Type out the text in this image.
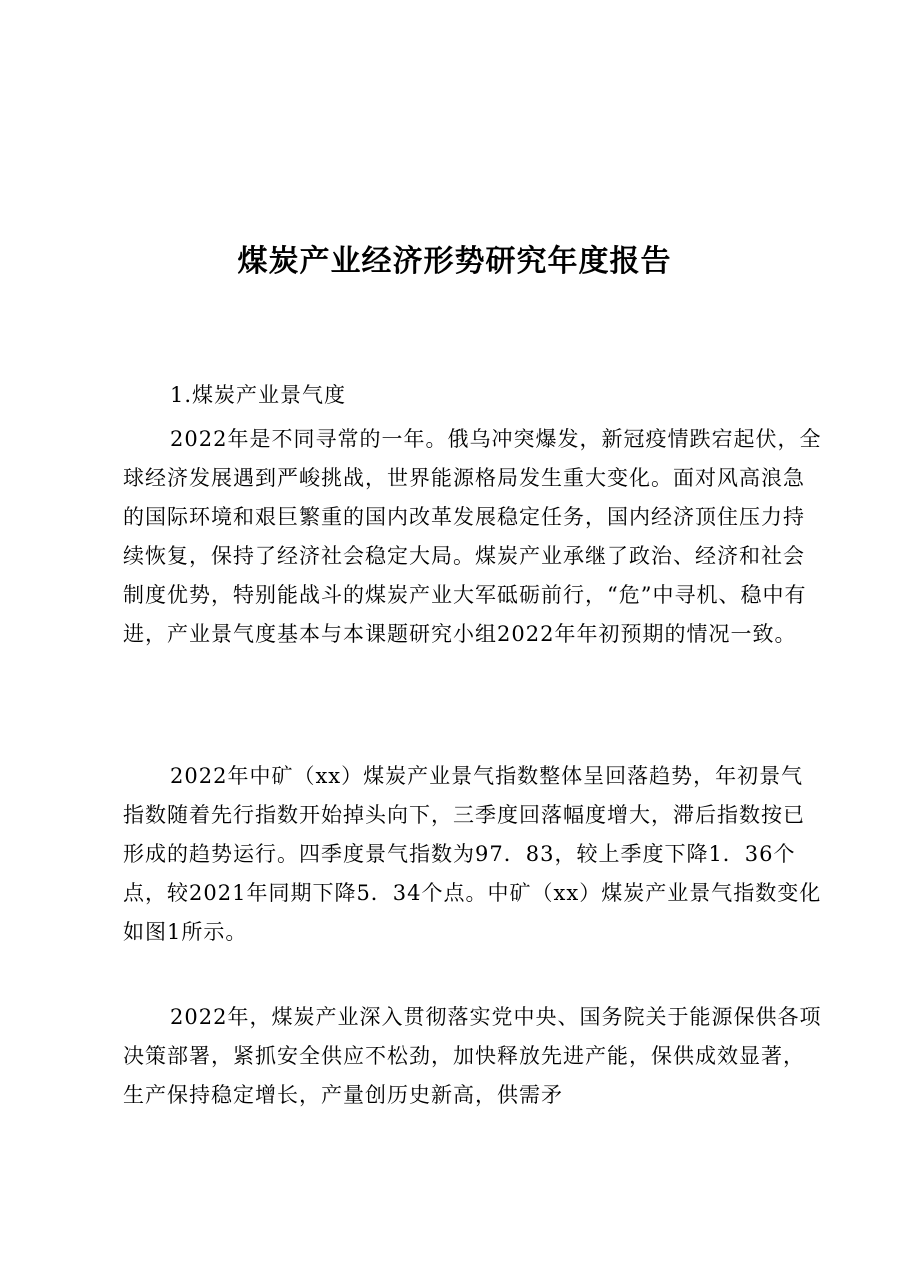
煤炭产业经济形势研究年度报告
1.煤炭产业景气度

2022年是不同寻常的一年。俄乌冲突爆发，新冠疫情跌宕起伏，全球经济发展遇到严峻挑战，世界能源格局发生重大变化。面对风高浪急的国际环境和艰巨繁重的国内改革发展稳定任务，国内经济顶住压力持续恢复，保持了经济社会稳定大局。煤炭产业承继了政治、经济和社会制度优势，特别能战斗的煤炭产业大军砥砺前行，“危”中寻机、稳中有进，产业景气度基本与本课题研究小组2022年年初预期的情况一致。

2022年中矿（xx）煤炭产业景气指数整体呈回落趋势，年初景气指数随着先行指数开始掉头向下，三季度回落幅度增大，滞后指数按已形成的趋势运行。四季度景气指数为97．83，较上季度下降1．36个点，较2021年同期下降5．34个点。中矿（xx）煤炭产业景气指数变化如图1所示。

2022年，煤炭产业深入贯彻落实党中央、国务院关于能源保供各项决策部署，紧抓安全供应不松劲，加快释放先进产能，保供成效显著，生产保持稳定增长，产量创历史新高，供需矛
